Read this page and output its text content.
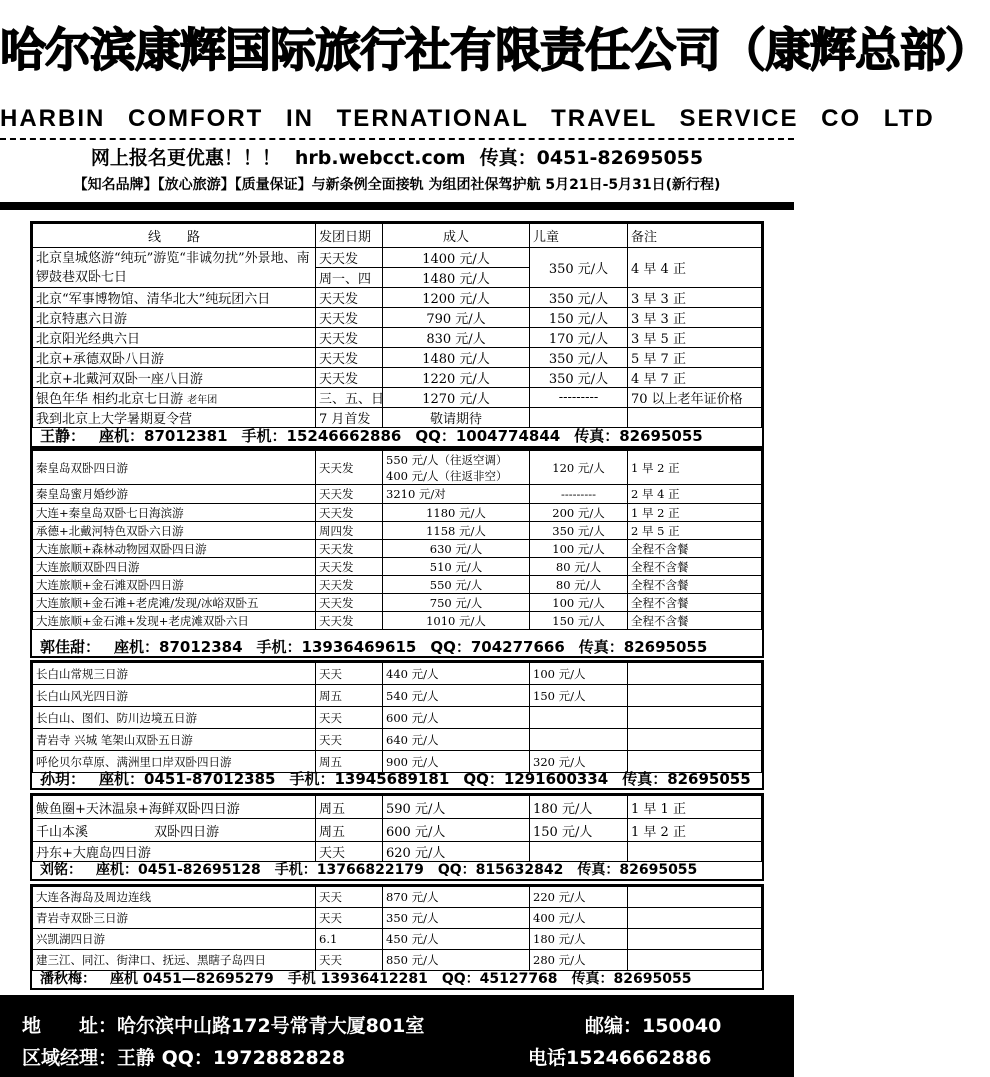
哈尔滨康辉国际旅行社有限责任公司（康辉总部）
HARBIN COMFORT IN TERNATIONAL TRAVEL SERVICE CO LTD
网上报名更优惠！！！ hrb.webcct.com 传真：0451-82695055
【知名品牌】【放心旅游】【质量保证】与新条例全面接轨 为组团社保驾护航 5月21日-5月31日(新行程)
线　　路	发团日期	成人	儿童	备注
北京皇城悠游“纯玩”游览“非诚勿扰”外景地、南锣鼓巷双卧七日	天天发	1400 元/人	350 元/人	4 早 4 正
	周一、四	1480 元/人		
北京“军事博物馆、清华北大”纯玩团六日	天天发	1200 元/人	350 元/人	3 早 3 正
北京特惠六日游	天天发	790 元/人	150 元/人	3 早 3 正
北京阳光经典六日	天天发	830 元/人	170 元/人	3 早 5 正
北京+承德双卧八日游	天天发	1480 元/人	350 元/人	5 早 7 正
北京+北戴河双卧一座八日游	天天发	1220 元/人	350 元/人	4 早 7 正
银色年华 相约北京七日游 老年团	三、五、日	1270 元/人	---------	70 以上老年证价格
我到北京上大学暑期夏令营	7 月首发	敬请期待		
王静： 座机：87012381 手机：15246662886 QQ：1004774844 传真：82695055
秦皇岛双卧四日游	天天发	550 元/人（往返空调）
400 元/人（往返非空）	120 元/人	1 早 2 正
秦皇岛蜜月婚纱游	天天发	3210 元/对	---------	2 早 4 正
大连+秦皇岛双卧七日海滨游	天天发	1180 元/人	200 元/人	1 早 2 正
承德+北戴河特色双卧六日游	周四发	1158 元/人	350 元/人	2 早 5 正
大连旅顺+森林动物园双卧四日游	天天发	630 元/人	100 元/人	全程不含餐
大连旅顺双卧四日游	天天发	510 元/人	80 元/人	全程不含餐
大连旅顺+金石滩双卧四日游	天天发	550 元/人	80 元/人	全程不含餐
大连旅顺+金石滩+老虎滩/发现/冰峪双卧五	天天发	750 元/人	100 元/人	全程不含餐
大连旅顺+金石滩+发现+老虎滩双卧六日	天天发	1010 元/人	150 元/人	全程不含餐
郭佳甜： 座机：87012384 手机：13936469615 QQ：704277666 传真：82695055
长白山常规三日游	天天	440 元/人	100 元/人	
长白山风光四日游	周五	540 元/人	150 元/人	
长白山、图们、防川边境五日游	天天	600 元/人		
青岩寺 兴城 笔架山双卧五日游	天天	640 元/人		
呼伦贝尔草原、满洲里口岸双卧四日游	周五	900 元/人	320 元/人	
孙玥： 座机：0451-87012385 手机：13945689181 QQ：1291600334 传真：82695055
鲅鱼圈+天沐温泉+海鲜双卧四日游	周五	590 元/人	180 元/人	1 早 1 正
千山本溪                双卧四日游	周五	600 元/人	150 元/人	1 早 2 正
丹东+大鹿岛四日游	天天	620 元/人		
刘铭： 座机：0451-82695128 手机：13766822179 QQ：815632842 传真：82695055
大连各海岛及周边连线	天天	870 元/人	220 元/人	
青岩寺双卧三日游	天天	350 元/人	400 元/人	
兴凯湖四日游	6.1	450 元/人	180 元/人	
建三江、同江、街津口、抚远、黑瞎子岛四日	天天	850 元/人	280 元/人	
潘秋梅： 座机 0451—82695279 手机 13936412281 QQ：45127768 传真：82695055
地　　址：哈尔滨中山路172号常青大厦801室	邮编：150040
区域经理：王静 QQ：1972882828	电话15246662886
